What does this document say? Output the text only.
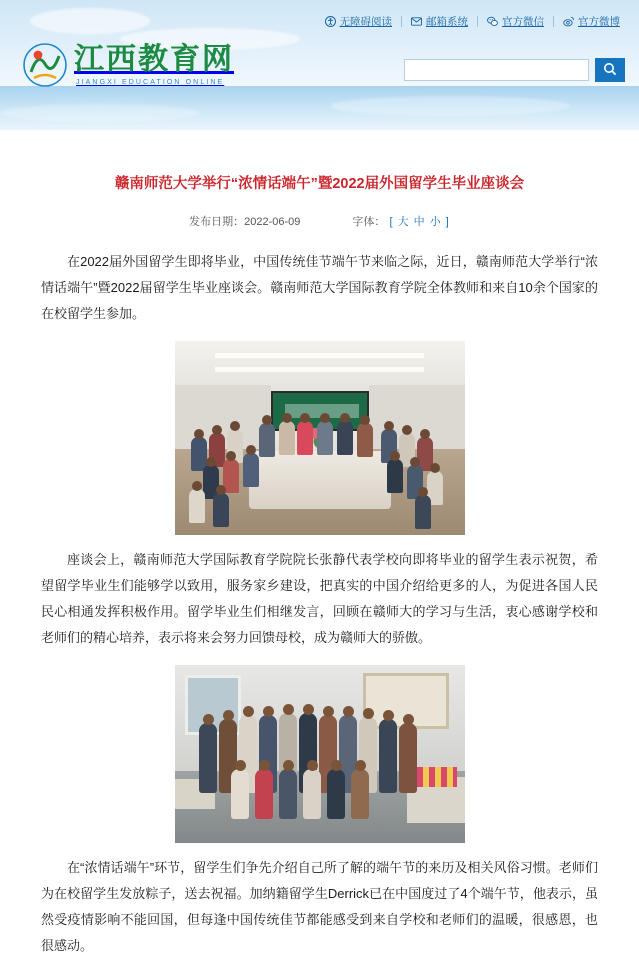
无障碍阅读	邮箱系统	官方微信	官方微博
江西教育网
JIANGXI EDUCATION ONLINE
赣南师范大学举行“浓情话端午”暨2022届外国留学生毕业座谈会
发布日期：2022-06-09	字体： [ 大 中 小 ]

在2022届外国留学生即将毕业，中国传统佳节端午节来临之际，近日，赣南师范大学举行“浓情话端午”暨2022届留学生毕业座谈会。赣南师范大学国际教育学院全体教师和来自10余个国家的在校留学生参加。

座谈会上，赣南师范大学国际教育学院院长张静代表学校向即将毕业的留学生表示祝贺，希望留学毕业生们能够学以致用，服务家乡建设，把真实的中国介绍给更多的人，为促进各国人民民心相通发挥积极作用。留学毕业生们相继发言，回顾在赣师大的学习与生活，衷心感谢学校和老师们的精心培养，表示将来会努力回馈母校，成为赣师大的骄傲。

在“浓情话端午”环节，留学生们争先介绍自己所了解的端午节的来历及相关风俗习惯。老师们为在校留学生发放粽子，送去祝福。加纳籍留学生Derrick已在中国度过了4个端午节，他表示，虽然受疫情影响不能回国，但每逢中国传统佳节都能感受到来自学校和老师们的温暖，很感恩，也很感动。
